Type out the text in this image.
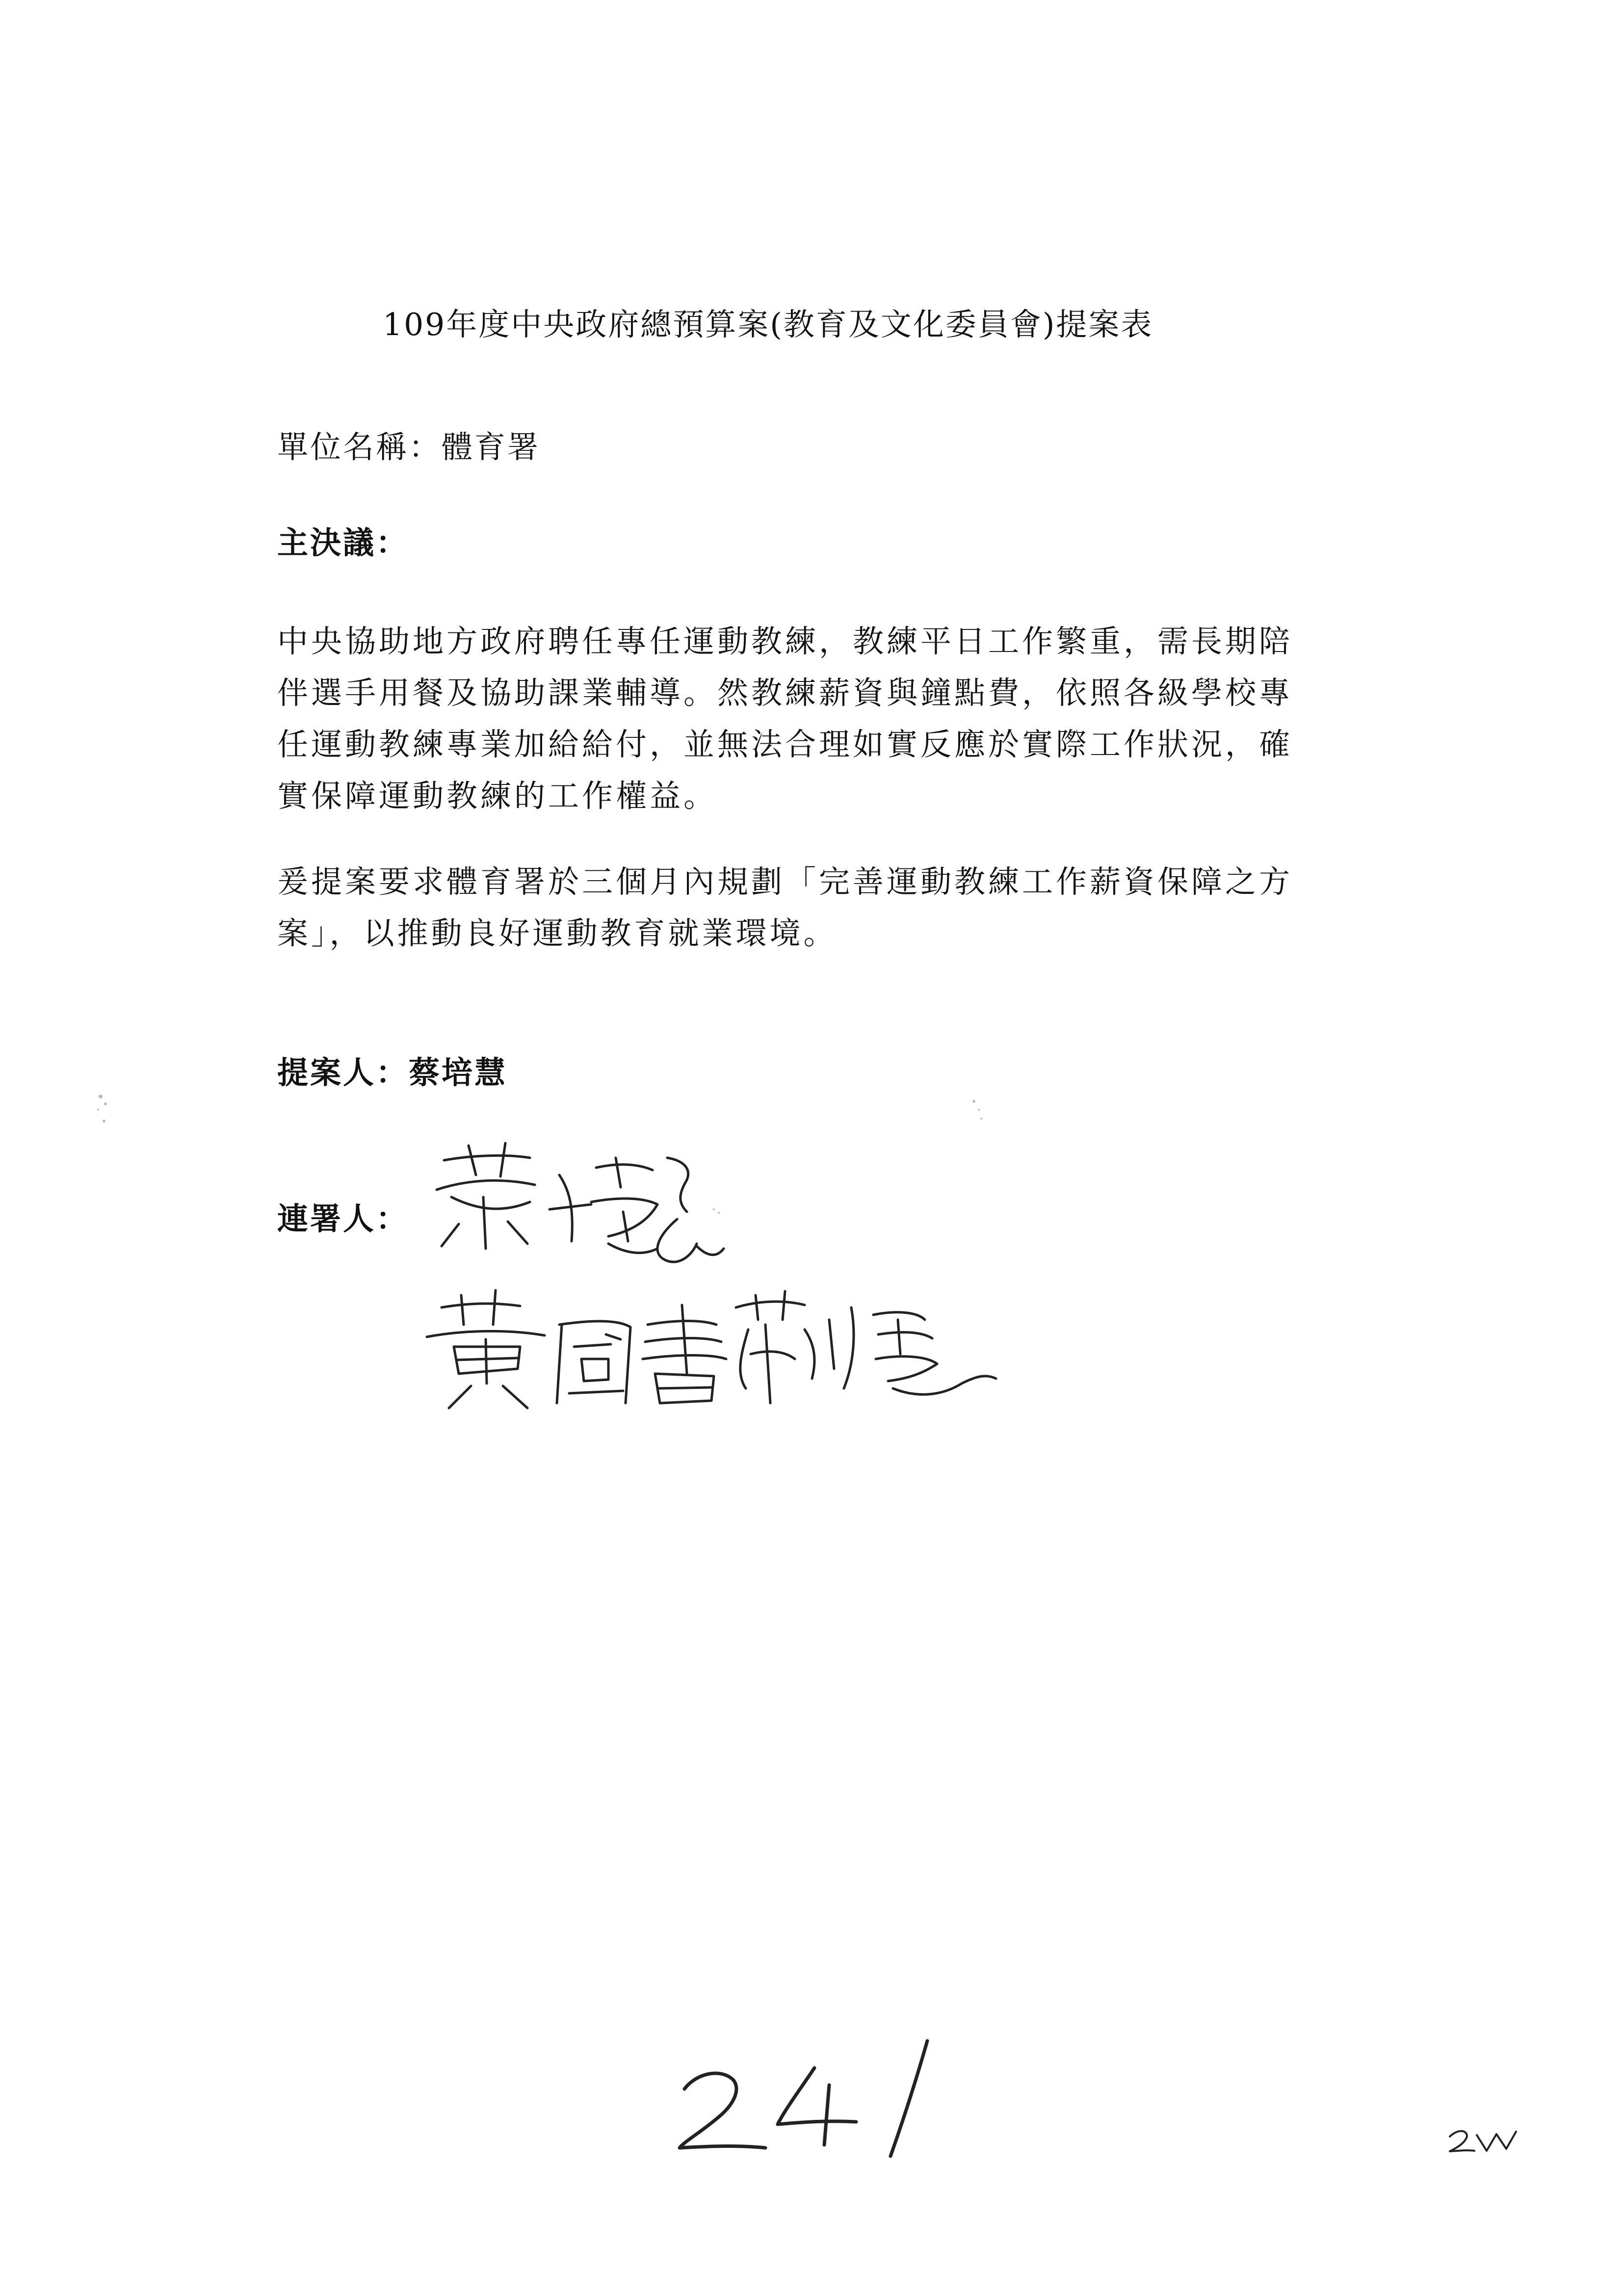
109年度中央政府總預算案(教育及文化委員會)提案表
單位名稱：體育署
主決議：
中央協助地方政府聘任專任運動教練，教練平日工作繁重，需長期陪
伴選手用餐及協助課業輔導。然教練薪資與鐘點費，依照各級學校專
任運動教練專業加給給付，並無法合理如實反應於實際工作狀況，確
實保障運動教練的工作權益。
爰提案要求體育署於三個月內規劃「完善運動教練工作薪資保障之方
案」，以推動良好運動教育就業環境。
提案人：蔡培慧
連署人：
